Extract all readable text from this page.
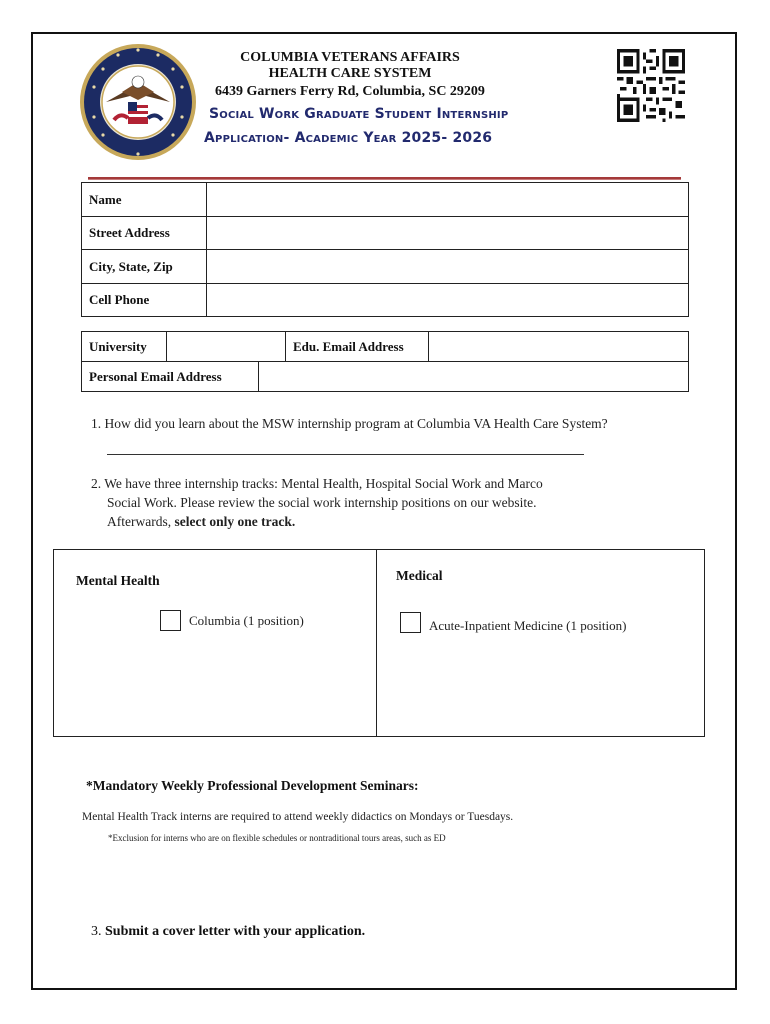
COLUMBIA VETERANS AFFAIRS
HEALTH CARE SYSTEM
6439 Garners Ferry Rd, Columbia, SC 29209
Social Work Graduate Student Internship
Application- Academic Year 2025- 2026
Name	
Street Address	
City, State, Zip	
Cell Phone	
University		Edu. Email Address	
Personal Email Address	
1. How did you learn about the MSW internship program at Columbia VA Health Care System?
2. We have three internship tracks: Mental Health, Hospital Social Work and Marco
Social Work. Please review the social work internship positions on our website.
Afterwards, select only one track.
Mental Health
Columbia (1 position)
Medical
Acute-Inpatient Medicine (1 position)
*Mandatory Weekly Professional Development Seminars:
Mental Health Track interns are required to attend weekly didactics on Mondays or Tuesdays.
*Exclusion for interns who are on flexible schedules or nontraditional tours areas, such as ED
3. Submit a cover letter with your application.
